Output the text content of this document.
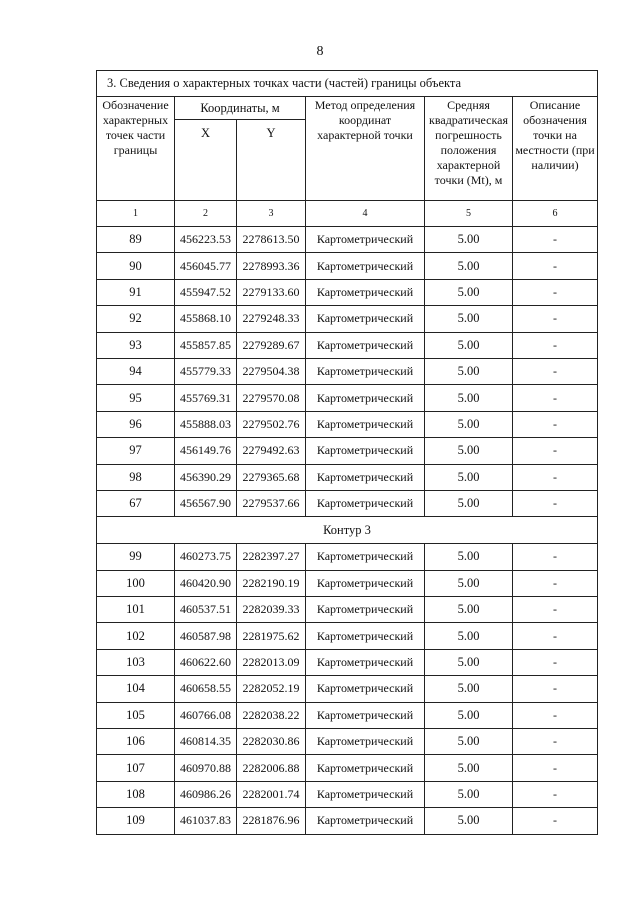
8
3. Сведения о характерных точках части (частей) границы объекта					
Обозначение характерных точек части границы	Координаты, м		Метод определения координат характерной точки	Средняя квадратическая погрешность положения характерной точки (Mt), м	Описание обозначения точки на местности (при наличии)
	X	Y			
1	2	3	4	5	6
89	456223.53	2278613.50	Картометрический	5.00	-
90	456045.77	2278993.36	Картометрический	5.00	-
91	455947.52	2279133.60	Картометрический	5.00	-
92	455868.10	2279248.33	Картометрический	5.00	-
93	455857.85	2279289.67	Картометрический	5.00	-
94	455779.33	2279504.38	Картометрический	5.00	-
95	455769.31	2279570.08	Картометрический	5.00	-
96	455888.03	2279502.76	Картометрический	5.00	-
97	456149.76	2279492.63	Картометрический	5.00	-
98	456390.29	2279365.68	Картометрический	5.00	-
67	456567.90	2279537.66	Картометрический	5.00	-
Контур 3					
99	460273.75	2282397.27	Картометрический	5.00	-
100	460420.90	2282190.19	Картометрический	5.00	-
101	460537.51	2282039.33	Картометрический	5.00	-
102	460587.98	2281975.62	Картометрический	5.00	-
103	460622.60	2282013.09	Картометрический	5.00	-
104	460658.55	2282052.19	Картометрический	5.00	-
105	460766.08	2282038.22	Картометрический	5.00	-
106	460814.35	2282030.86	Картометрический	5.00	-
107	460970.88	2282006.88	Картометрический	5.00	-
108	460986.26	2282001.74	Картометрический	5.00	-
109	461037.83	2281876.96	Картометрический	5.00	-
